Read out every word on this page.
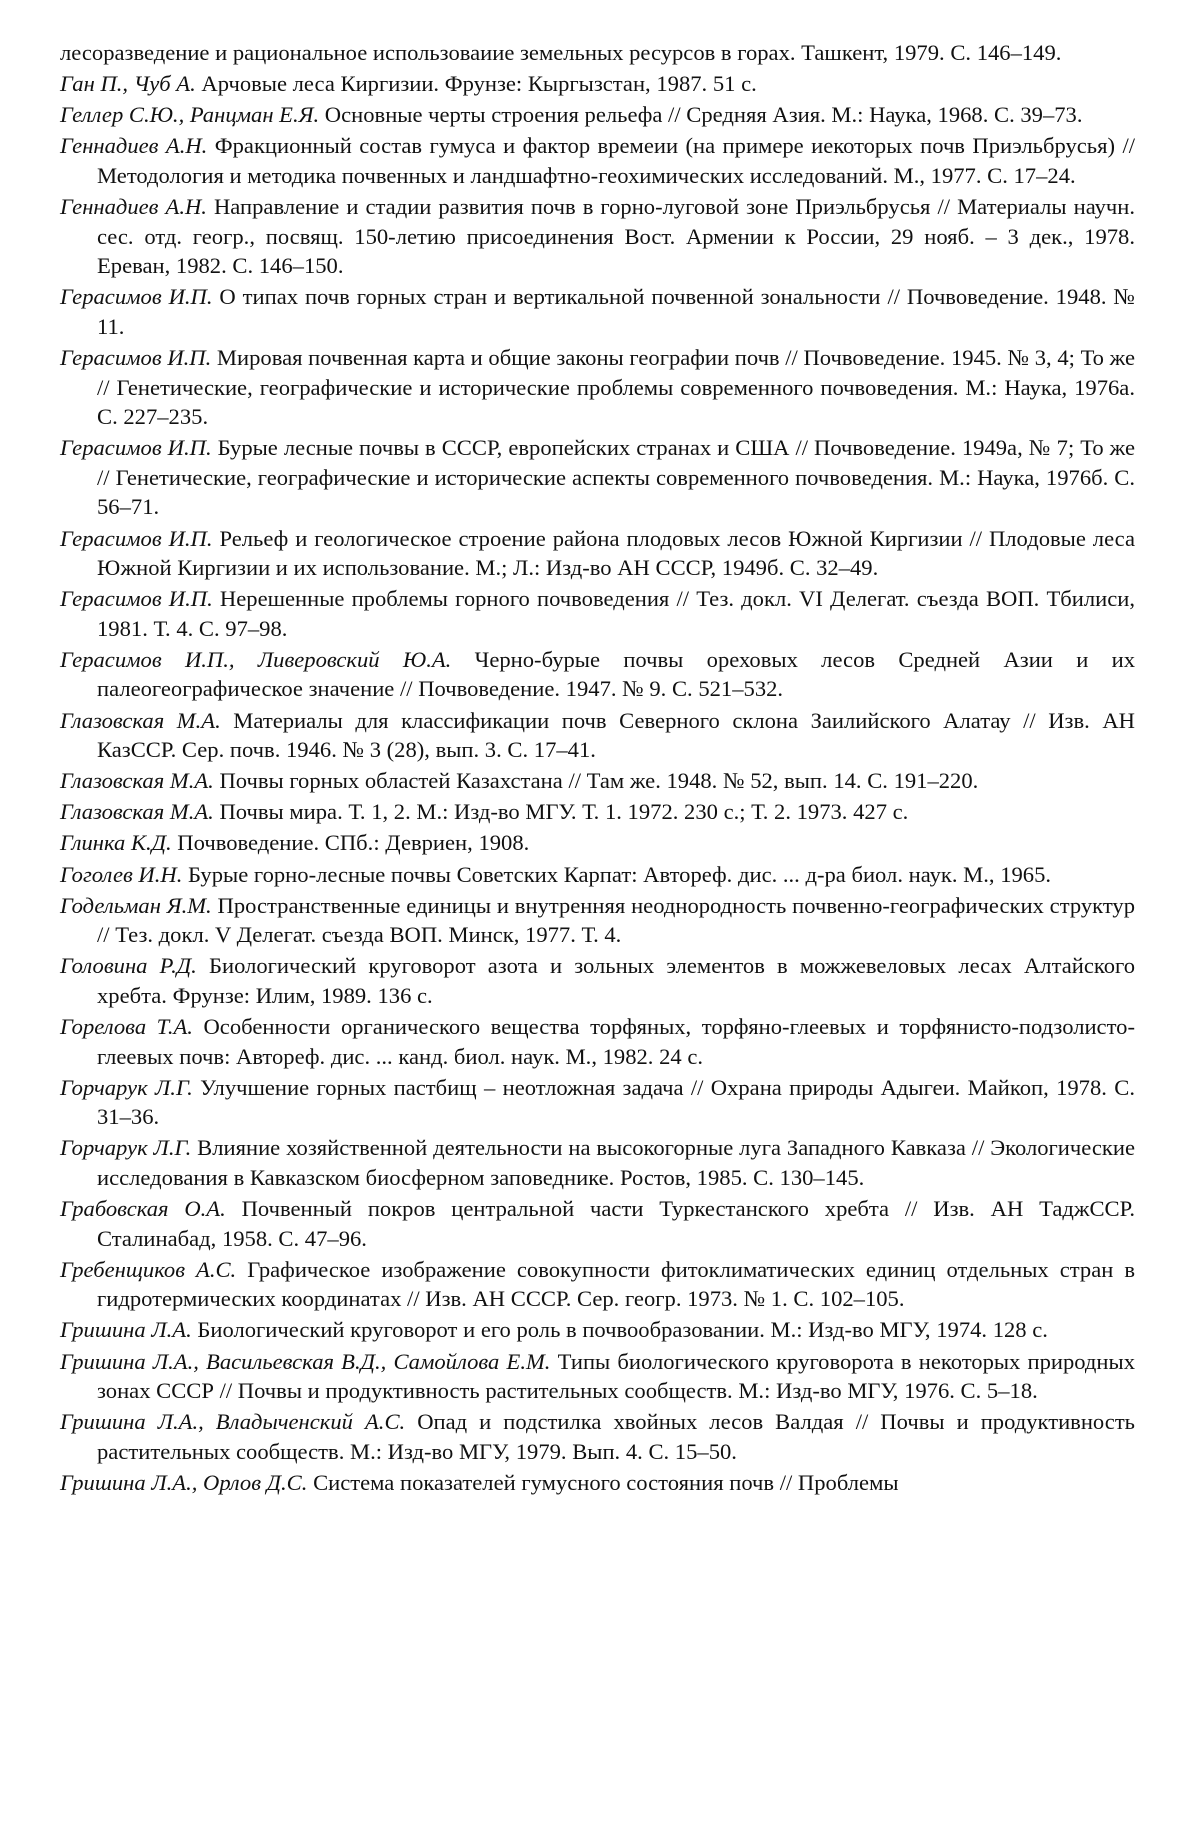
лесоразведение и рациональное использоваиие земельных ресурсов в горах. Ташкент, 1979. С. 146–149.
Ган П., Чуб А. Арчовые леса Киргизии. Фрунзе: Кыргызстан, 1987. 51 с.
Геллер С.Ю., Ранцман Е.Я. Основные черты строения рельефа // Средняя Азия. М.: Наука, 1968. С. 39–73.
Геннадиев А.Н. Фракционный состав гумуса и фактор времеии (на примере иекоторых почв Приэльбрусья) // Методология и методика почвенных и ландшафтно-геохимических исследований. М., 1977. С. 17–24.
Геннадиев А.Н. Направление и стадии развития почв в горно-луговой зоне Приэльбрусья // Материалы научн. сес. отд. геогр., посвящ. 150-летию присоединения Вост. Армении к России, 29 нояб. – 3 дек., 1978. Ереван, 1982. С. 146–150.
Герасимов И.П. О типах почв горных стран и вертикальной почвенной зональности // Почвоведение. 1948. № 11.
Герасимов И.П. Мировая почвенная карта и общие законы географии почв // Почвоведение. 1945. № 3, 4; То же // Генетические, географические и исторические проблемы современного почвоведения. М.: Наука, 1976а. С. 227–235.
Герасимов И.П. Бурые лесные почвы в СССР, европейских странах и США // Почвоведение. 1949а, № 7; То же // Генетические, географические и исторические аспекты современного почвоведения. М.: Наука, 1976б. С. 56–71.
Герасимов И.П. Рельеф и геологическое строение района плодовых лесов Южной Киргизии // Плодовые леса Южной Киргизии и их использование. М.; Л.: Изд-во АН СССР, 1949б. С. 32–49.
Герасимов И.П. Нерешенные проблемы горного почвоведения // Тез. докл. VI Делегат. съезда ВОП. Тбилиси, 1981. Т. 4. С. 97–98.
Герасимов И.П., Ливеровский Ю.А. Черно-бурые почвы ореховых лесов Средней Азии и их палеогеографическое значение // Почвоведение. 1947. № 9. С. 521–532.
Глазовская М.А. Материалы для классификации почв Северного склона Заилийского Алатау // Изв. АН КазССР. Сер. почв. 1946. № 3 (28), вып. 3. С. 17–41.
Глазовская М.А. Почвы горных областей Казахстана // Там же. 1948. № 52, вып. 14. С. 191–220.
Глазовская М.А. Почвы мира. Т. 1, 2. М.: Изд-во МГУ. Т. 1. 1972. 230 с.; Т. 2. 1973. 427 с.
Глинка К.Д. Почвоведение. СПб.: Девриен, 1908.
Гоголев И.Н. Бурые горно-лесные почвы Советских Карпат: Автореф. дис. ... д-ра биол. наук. М., 1965.
Годельман Я.М. Пространственные единицы и внутренняя неоднородность почвенно-географических структур // Тез. докл. V Делегат. съезда ВОП. Минск, 1977. Т. 4.
Головина Р.Д. Биологический круговорот азота и зольных элементов в можжевеловых лесах Алтайского хребта. Фрунзе: Илим, 1989. 136 с.
Горелова Т.А. Особенности органического вещества торфяных, торфяно-глеевых и торфянисто-подзолисто-глеевых почв: Автореф. дис. ... канд. биол. наук. М., 1982. 24 с.
Горчарук Л.Г. Улучшение горных пастбищ – неотложная задача // Охрана природы Адыгеи. Майкоп, 1978. С. 31–36.
Горчарук Л.Г. Влияние хозяйственной деятельности на высокогорные луга Западного Кавказа // Экологические исследования в Кавказском биосферном заповеднике. Ростов, 1985. С. 130–145.
Грабовская О.А. Почвенный покров центральной части Туркестанского хребта // Изв. АН ТаджССР. Сталинабад, 1958. С. 47–96.
Гребенщиков А.С. Графическое изображение совокупности фитоклиматических единиц отдельных стран в гидротермических координатах // Изв. АН СССР. Сер. геогр. 1973. № 1. С. 102–105.
Гришина Л.А. Биологический круговорот и его роль в почвообразовании. М.: Изд-во МГУ, 1974. 128 с.
Гришина Л.А., Васильевская В.Д., Самойлова Е.М. Типы биологического круговорота в некоторых природных зонах СССР // Почвы и продуктивность растительных сообществ. М.: Изд-во МГУ, 1976. С. 5–18.
Гришина Л.А., Владыченский А.С. Опад и подстилка хвойных лесов Валдая // Почвы и продуктивность растительных сообществ. М.: Изд-во МГУ, 1979. Вып. 4. С. 15–50.
Гришина Л.А., Орлов Д.С. Система показателей гумусного состояния почв // Проблемы
